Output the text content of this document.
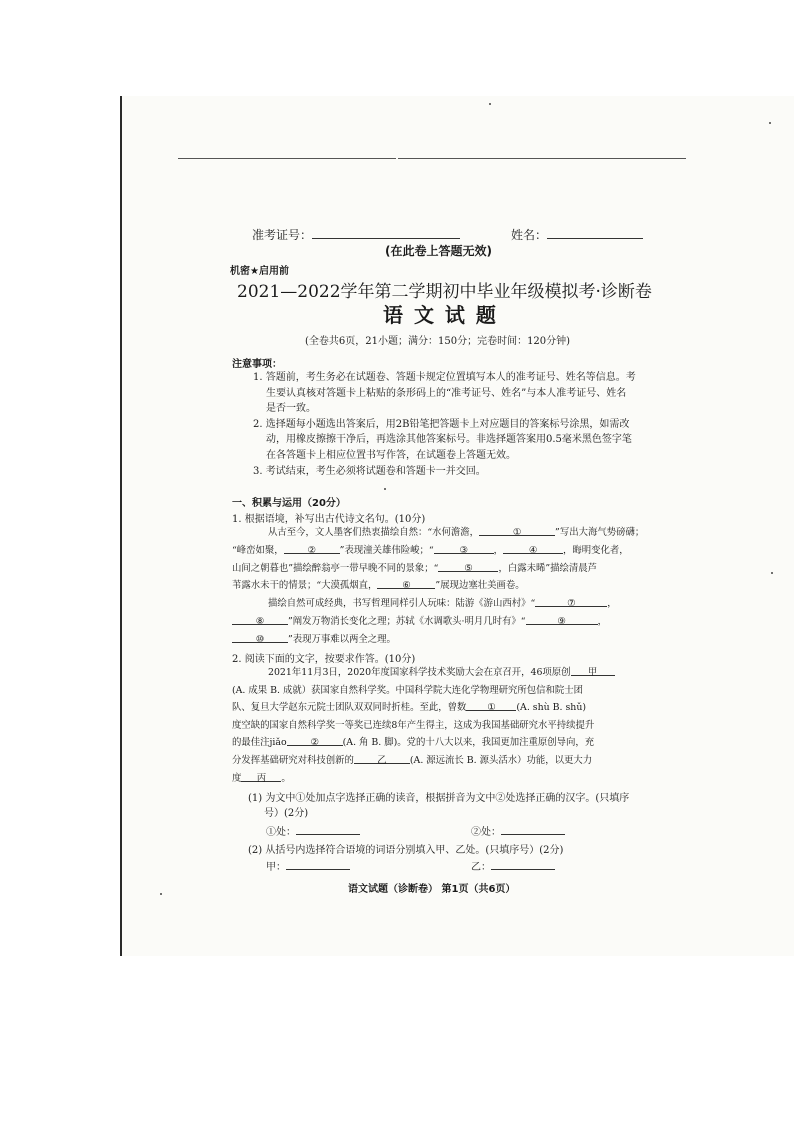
准考证号：	姓名：
(在此卷上答题无效)
机密★启用前
2021—2022学年第二学期初中毕业年级模拟考·诊断卷
语 文 试 题
(全卷共6页，21小题；满分：150分；完卷时间：120分钟)
注意事项：
1. 答题前，考生务必在试题卷、答题卡规定位置填写本人的准考证号、姓名等信息。考
生要认真核对答题卡上粘贴的条形码上的“准考证号、姓名”与本人准考证号、姓名
是否一致。
2. 选择题每小题选出答案后，用2B铅笔把答题卡上对应题目的答案标号涂黑，如需改
动，用橡皮擦擦干净后，再选涂其他答案标号。非选择题答案用0.5毫米黑色签字笔
在各答题卡上相应位置书写作答，在试题卷上答题无效。
3. 考试结束，考生必须将试题卷和答题卡一并交回。
一、积累与运用（20分）
1. 根据语境，补写出古代诗文名句。(10分)
从古至今，文人墨客们热衷描绘自然：“水何澹澹，	①	”写出大海气势磅礴；
“峰峦如聚，	②	”表现潼关雄伟险峻；“	③	，	④	，晦明变化者，
山间之朝暮也”描绘醉翁亭一带早晚不同的景象；“	⑤	，白露未晞”描绘清晨芦
苇露水未干的情景；“大漠孤烟直，	⑥	”展现边塞壮美画卷。
描绘自然可成经典，书写哲理同样引人玩味：陆游《游山西村》“	⑦	，
⑧	”阐发万物消长变化之理；苏轼《水调歌头·明月几时有》“	⑨	，
⑩	”表现万事难以两全之理。
2. 阅读下面的文字，按要求作答。(10分)
2021年11月3日，2020年度国家科学技术奖励大会在京召开，46项原创 甲
(A. 成果 B. 成就）获国家自然科学奖。中国科学院大连化学物理研究所包信和院士团
队、复旦大学赵东元院士团队双双同时折桂。至此，曾数 ① (A. shù B. shǔ)
度空缺的国家自然科学奖一等奖已连续8年产生得主，这成为我国基础研究水平持续提升
的最佳注jiǎo	②	(A. 角 B. 脚)。党的十八大以来，我国更加注重原创导向，充
分发挥基础研究对科技创新的 乙 (A. 源远流长 B. 源头活水）功能，以更大力
度 丙 。
(1) 为文中①处加点字选择正确的读音，根据拼音为文中②处选择正确的汉字。(只填序
号）(2分)
①处：	②处：
(2) 从括号内选择符合语境的词语分别填入甲、乙处。(只填序号）(2分)
甲：	乙：
语文试题（诊断卷） 第1页（共6页）
